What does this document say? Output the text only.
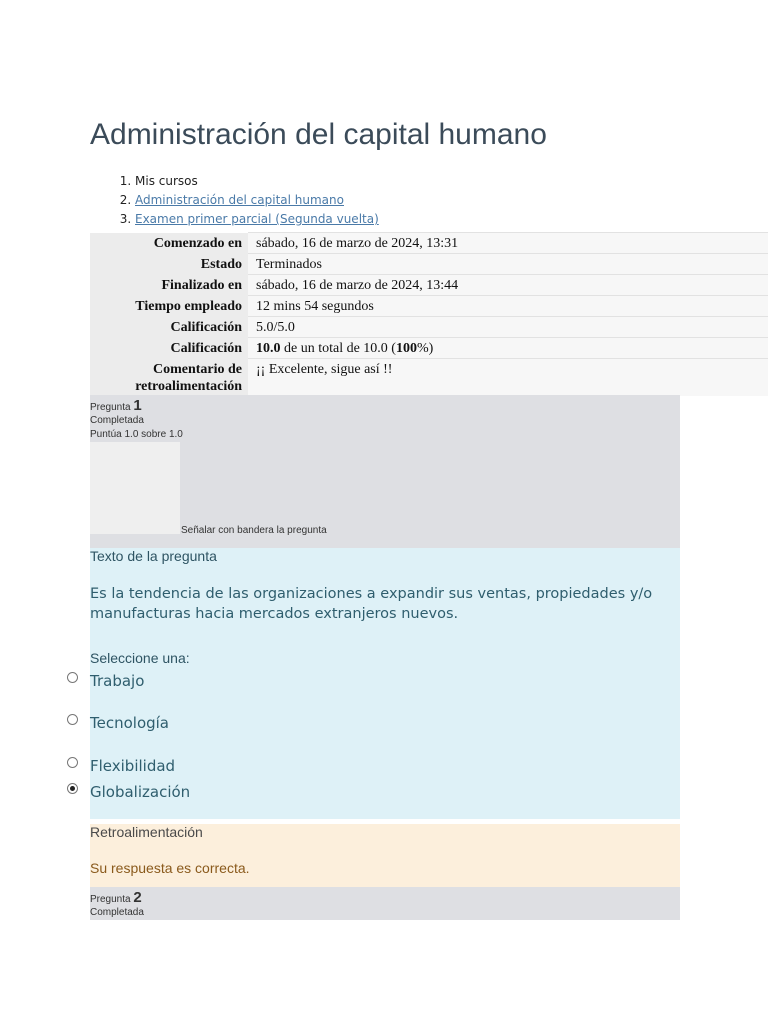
Administración del capital humano
1. Mis cursos
2. Administración del capital humano
3. Examen primer parcial (Segunda vuelta)
Comenzado en	sábado, 16 de marzo de 2024, 13:31
Estado	Terminados
Finalizado en	sábado, 16 de marzo de 2024, 13:44
Tiempo empleado	12 mins 54 segundos
Calificación	5.0/5.0
Calificación	10.0 de un total de 10.0 (100%)
Comentario de
retroalimentación	¡¡ Excelente, sigue así !!
Pregunta 1
Completada
Puntúa 1.0 sobre 1.0
Señalar con bandera la pregunta
Texto de la pregunta
Es la tendencia de las organizaciones a expandir sus ventas, propiedades y/o
manufacturas hacia mercados extranjeros nuevos.
Seleccione una:
Trabajo
Tecnología
Flexibilidad
Globalización
Retroalimentación
Su respuesta es correcta.
Pregunta 2
Completada
